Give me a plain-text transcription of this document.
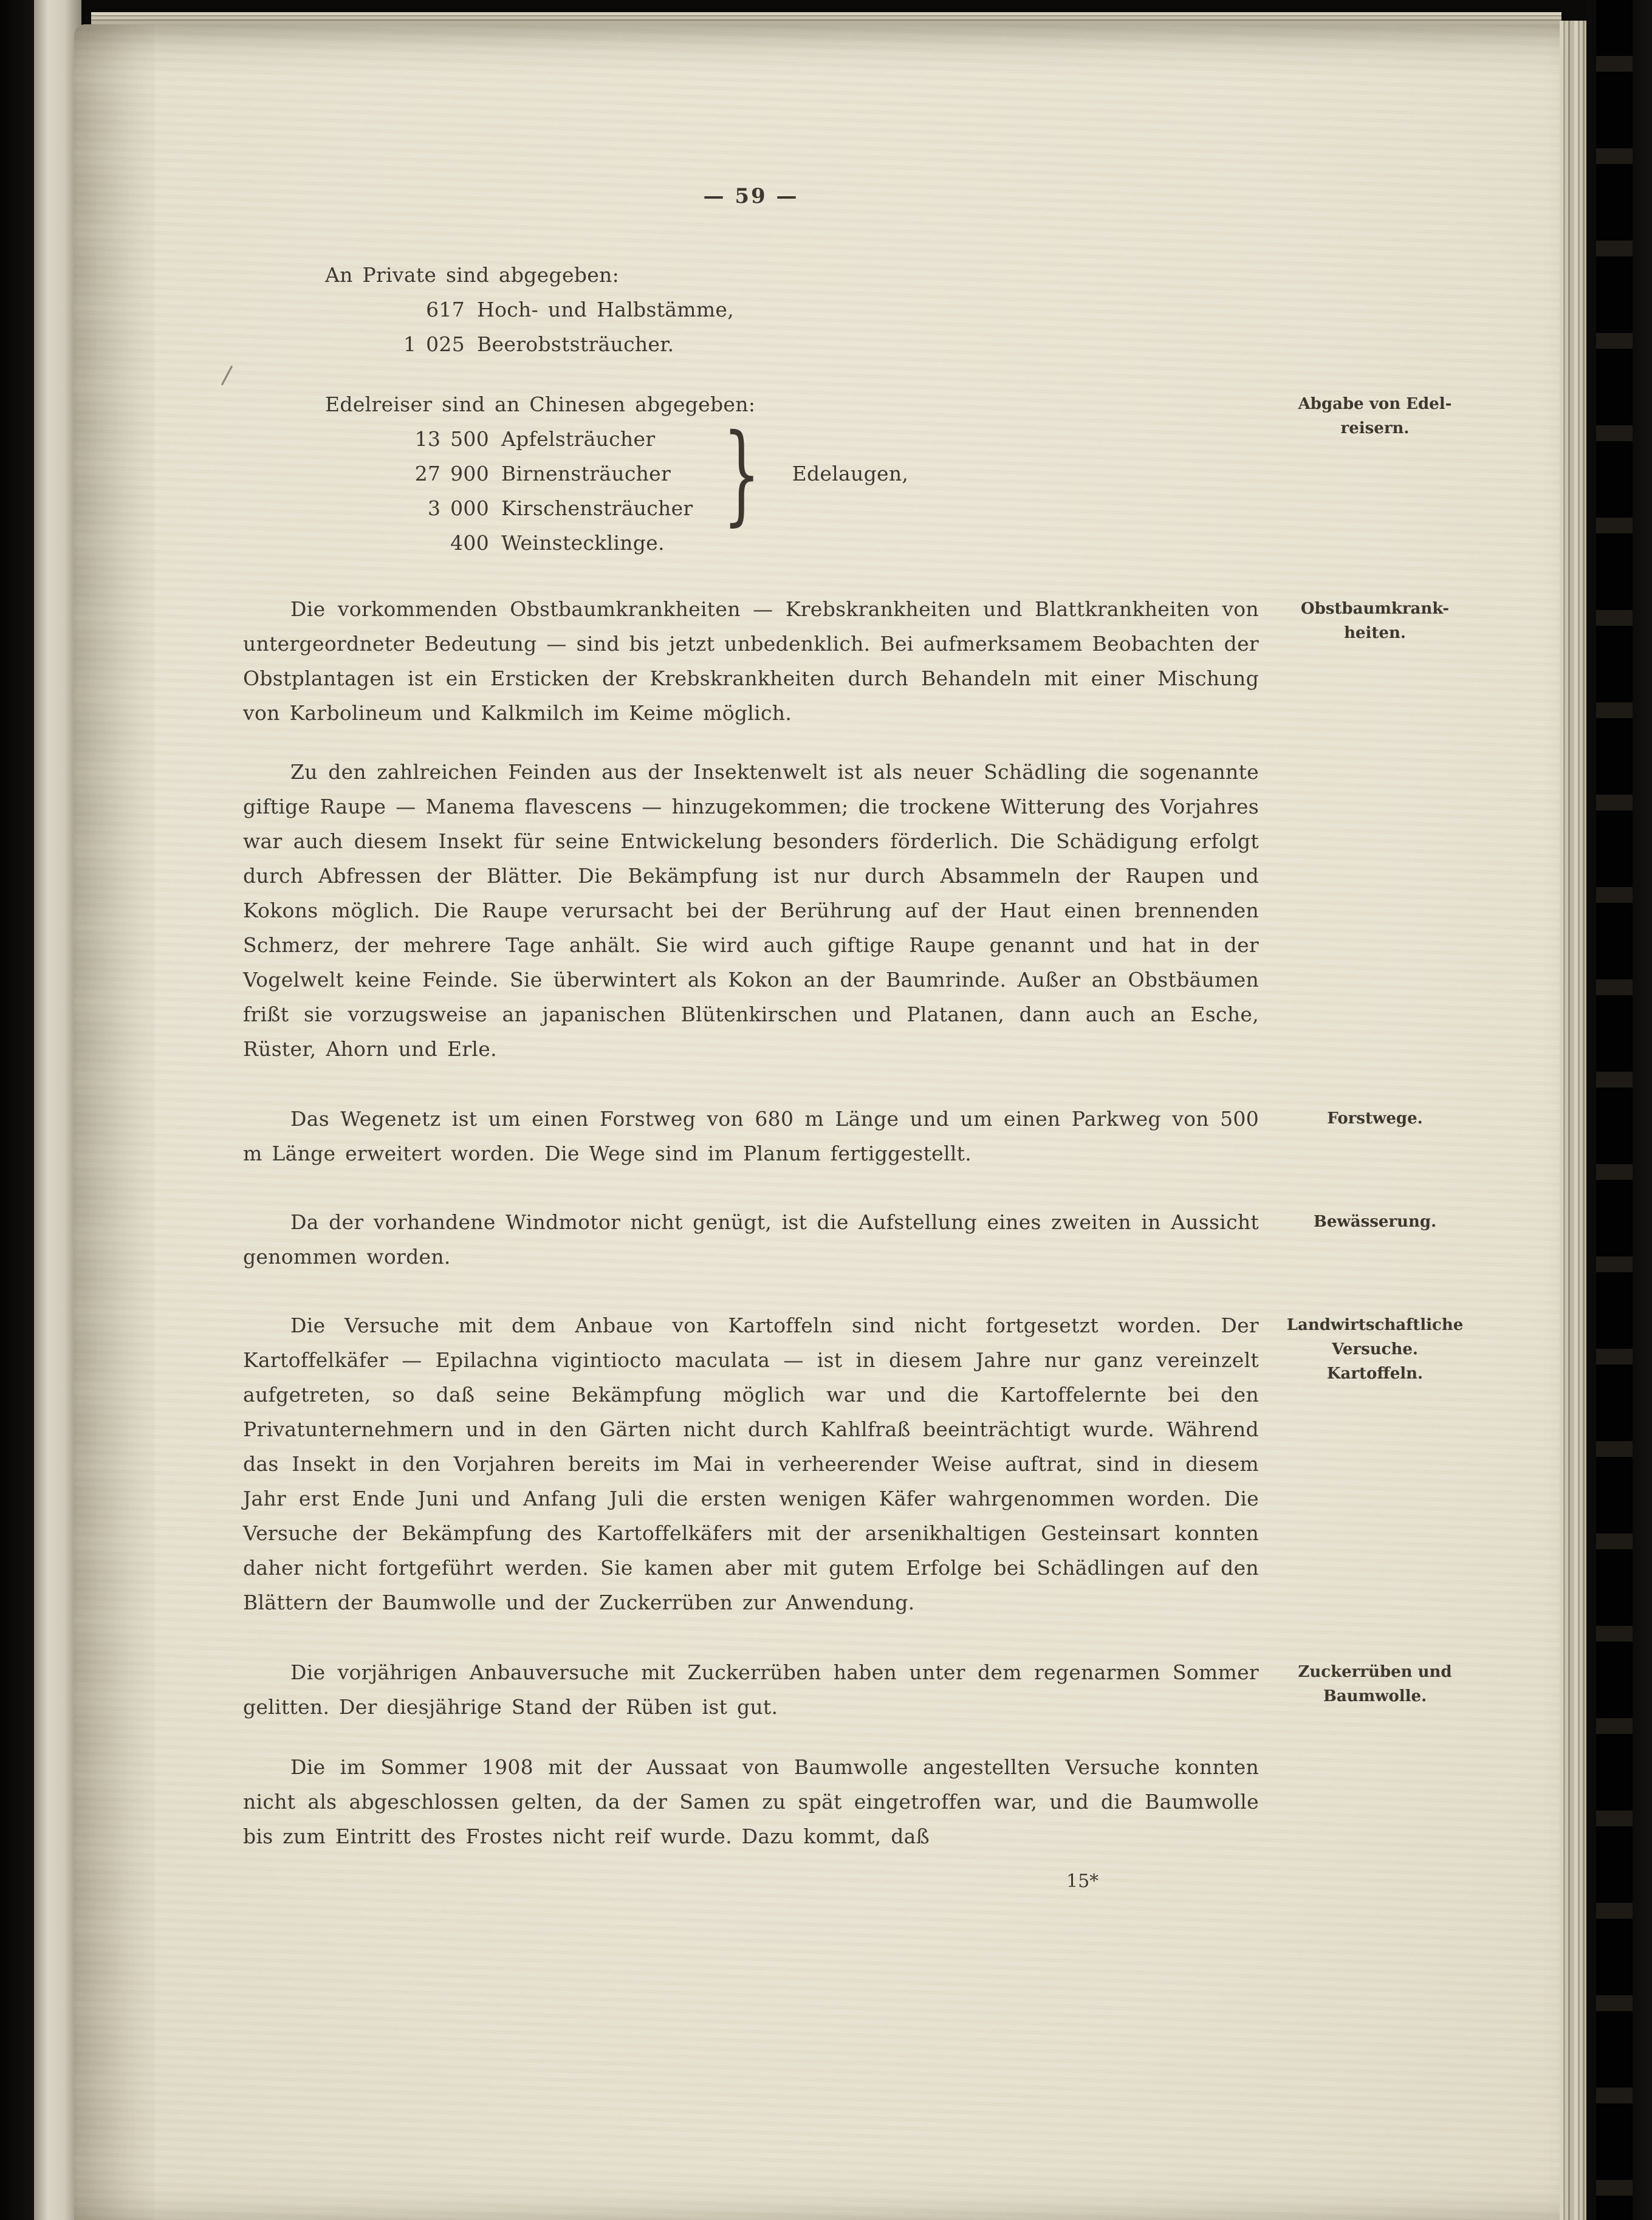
— 59 —
An Private sind abgegeben:
617 Hoch- und Halbstämme,
1 025 Beerobststräucher.
Edelreiser sind an Chinesen abgegeben:
13 500 Apfelsträucher
27 900 Birnensträucher
3 000 Kirschensträucher } Edelaugen,
400 Weinstecklinge.
Abgabe von Edel-
reisern.

Die vorkommenden Obstbaumkrankheiten — Krebskrankheiten und Blattkrankheiten von untergeordneter Bedeutung — sind bis jetzt unbedenklich. Bei aufmerksamem Beobachten der Obstplantagen ist ein Ersticken der Krebskrankheiten durch Behandeln mit einer Mischung von Karbolineum und Kalkmilch im Keime möglich.

Obstbaumkrank-
heiten.

Zu den zahlreichen Feinden aus der Insektenwelt ist als neuer Schädling die sogenannte giftige Raupe — Manema flavescens — hinzugekommen; die trockene Witterung des Vorjahres war auch diesem Insekt für seine Entwickelung besonders förderlich. Die Schädigung erfolgt durch Abfressen der Blätter. Die Bekämpfung ist nur durch Absammeln der Raupen und Kokons möglich. Die Raupe verursacht bei der Berührung auf der Haut einen brennenden Schmerz, der mehrere Tage anhält. Sie wird auch giftige Raupe genannt und hat in der Vogelwelt keine Feinde. Sie überwintert als Kokon an der Baumrinde. Außer an Obstbäumen frißt sie vorzugsweise an japanischen Blütenkirschen und Platanen, dann auch an Esche, Rüster, Ahorn und Erle.

Das Wegenetz ist um einen Forstweg von 680 m Länge und um einen Parkweg von 500 m Länge erweitert worden. Die Wege sind im Planum fertiggestellt.

Forstwege.

Da der vorhandene Windmotor nicht genügt, ist die Aufstellung eines zweiten in Aussicht genommen worden.

Bewässerung.

Die Versuche mit dem Anbaue von Kartoffeln sind nicht fortgesetzt worden. Der Kartoffelkäfer — Epilachna vigintiocto maculata — ist in diesem Jahre nur ganz vereinzelt aufgetreten, so daß seine Bekämpfung möglich war und die Kartoffelernte bei den Privatunternehmern und in den Gärten nicht durch Kahlfraß beeinträchtigt wurde. Während das Insekt in den Vorjahren bereits im Mai in verheerender Weise auftrat, sind in diesem Jahr erst Ende Juni und Anfang Juli die ersten wenigen Käfer wahrgenommen worden. Die Versuche der Bekämpfung des Kartoffelkäfers mit der arsenikhaltigen Gesteinsart konnten daher nicht fortgeführt werden. Sie kamen aber mit gutem Erfolge bei Schädlingen auf den Blättern der Baumwolle und der Zuckerrüben zur Anwendung.

Landwirtschaftliche
Versuche.
Kartoffeln.

Die vorjährigen Anbauversuche mit Zuckerrüben haben unter dem regenarmen Sommer gelitten. Der diesjährige Stand der Rüben ist gut.

Zuckerrüben und
Baumwolle.

Die im Sommer 1908 mit der Aussaat von Baumwolle angestellten Versuche konnten nicht als abgeschlossen gelten, da der Samen zu spät eingetroffen war, und die Baumwolle bis zum Eintritt des Frostes nicht reif wurde. Dazu kommt, daß

15*
